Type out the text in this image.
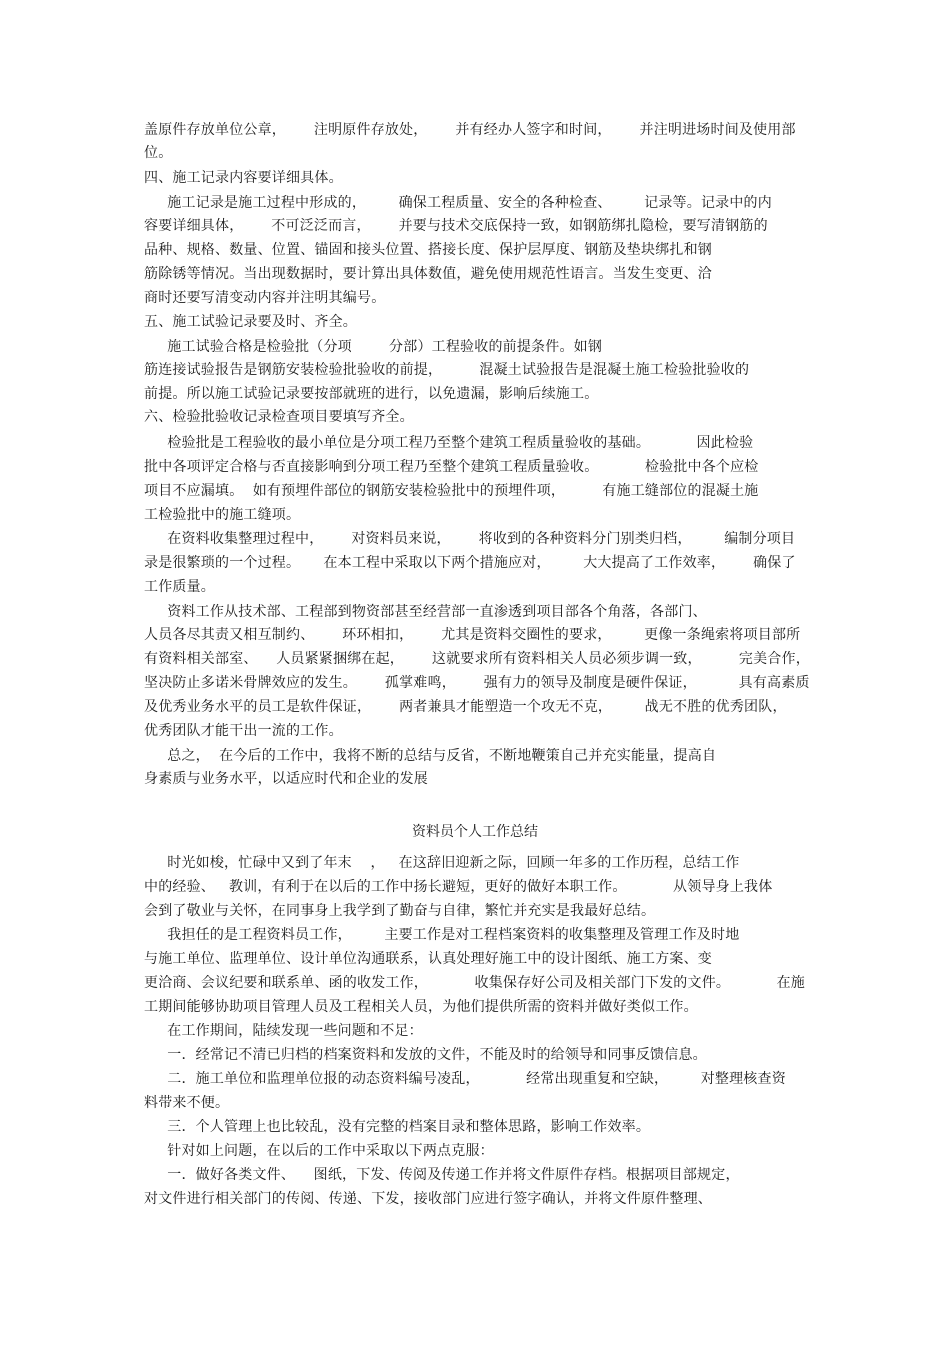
盖原件存放单位公章，      注明原件存放处，      并有经办人签字和时间，      并注明进场时间及使用部
位。
四、施工记录内容要详细具体。
施工记录是施工过程中形成的，       确保工程质量、安全的各种检查、       记录等。记录中的内
容要详细具体，      不可泛泛而言，      并要与技术交底保持一致，如钢筋绑扎隐检，要写清钢筋的
品种、规格、数量、位置、锚固和接头位置、搭接长度、保护层厚度、钢筋及垫块绑扎和钢
筋除锈等情况。当出现数据时，要计算出具体数值，避免使用规范性语言。当发生变更、洽
商时还要写清变动内容并注明其编号。
五、施工试验记录要及时、齐全。
施工试验合格是检验批（分项        分部）工程验收的前提条件。如钢
筋连接试验报告是钢筋安装检验批验收的前提，        混凝土试验报告是混凝土施工检验批验收的
前提。所以施工试验记录要按部就班的进行，以免遗漏，影响后续施工。
六、检验批验收记录检查项目要填写齐全。
检验批是工程验收的最小单位是分项工程乃至整个建筑工程质量验收的基础。          因此检验
批中各项评定合格与否直接影响到分项工程乃至整个建筑工程质量验收。          检验批中各个应检
项目不应漏填。  如有预埋件部位的钢筋安装检验批中的预埋件项，        有施工缝部位的混凝土施
工检验批中的施工缝项。
在资料收集整理过程中，      对资料员来说，      将收到的各种资料分门别类归档，       编制分项目
录是很繁琐的一个过程。     在本工程中采取以下两个措施应对，       大大提高了工作效率，      确保了
工作质量。
资料工作从技术部、工程部到物资部甚至经营部一直渗透到项目部各个角落，各部门、
人员各尽其责又相互制约、      环环相扣，      尤其是资料交圈性的要求，       更像一条绳索将项目部所
有资料相关部室、    人员紧紧捆绑在起，      这就要求所有资料相关人员必须步调一致，        完美合作，
坚决防止多诺米骨牌效应的发生。      孤掌难鸣，      强有力的领导及制度是硬件保证，         具有高素质
及优秀业务水平的员工是软件保证，      两者兼具才能塑造一个攻无不克，       战无不胜的优秀团队，
优秀团队才能干出一流的工作。
总之，  在今后的工作中，我将不断的总结与反省，不断地鞭策自己并充实能量，提高自
身素质与业务水平，以适应时代和企业的发展
资料员个人工作总结
时光如梭，忙碌中又到了年末    ，   在这辞旧迎新之际，回顾一年多的工作历程，总结工作
中的经验、   教训，有利于在以后的工作中扬长避短，更好的做好本职工作。          从领导身上我体
会到了敬业与关怀，在同事身上我学到了勤奋与自律，繁忙并充实是我最好总结。
我担任的是工程资料员工作，       主要工作是对工程档案资料的收集整理及管理工作及时地
与施工单位、监理单位、设计单位沟通联系，认真处理好施工中的设计图纸、施工方案、变
更洽商、会议纪要和联系单、函的收发工作，          收集保存好公司及相关部门下发的文件。          在施
工期间能够协助项目管理人员及工程相关人员，为他们提供所需的资料并做好类似工作。
在工作期间，陆续发现一些问题和不足：
一．经常记不清已归档的档案资料和发放的文件，不能及时的给领导和同事反馈信息。
二．施工单位和监理单位报的动态资料编号凌乱，          经常出现重复和空缺，       对整理核查资
料带来不便。
三．个人管理上也比较乱，没有完整的档案目录和整体思路，影响工作效率。
针对如上问题，在以后的工作中采取以下两点克服：
一．做好各类文件、    图纸，下发、传阅及传递工作并将文件原件存档。根据项目部规定，
对文件进行相关部门的传阅、传递、下发，接收部门应进行签字确认，并将文件原件整理、
